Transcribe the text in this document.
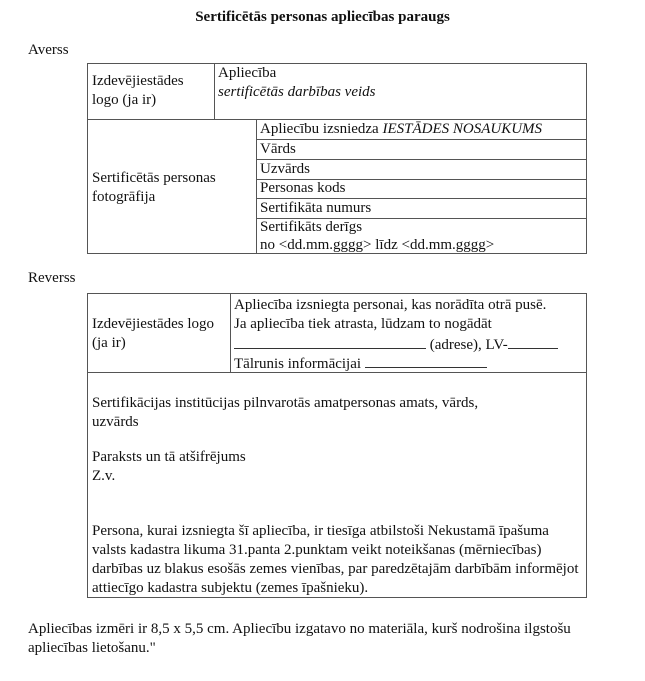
Sertificētās personas apliecības paraugs
Averss
Izdevējiestādes logo (ja ir)
Apliecība
sertificētās darbības veids
Sertificētās personas fotogrāfija
Apliecību izsniedza IESTĀDES NOSAUKUMS
Vārds
Uzvārds
Personas kods
Sertifikāta numurs
Sertifikāts derīgs
no <dd.mm.gggg> līdz <dd.mm.gggg>
Reverss
Izdevējiestādes logo (ja ir)
Apliecība izsniegta personai, kas norādīta otrā pusē.
Ja apliecība tiek atrasta, lūdzam to nogādāt
(adrese), LV-
Tālrunis informācijai
Sertifikācijas institūcijas pilnvarotās amatpersonas amats, vārds, uzvārds
Paraksts un tā atšifrējums
Z.v.
Persona, kurai izsniegta šī apliecība, ir tiesīga atbilstoši Nekustamā īpašuma valsts kadastra likuma 31.panta 2.punktam veikt noteikšanas (mērniecības) darbības uz blakus esošās zemes vienības, par paredzētajām darbībām informējot attiecīgo kadastra subjektu (zemes īpašnieku).
Apliecības izmēri ir 8,5 x 5,5 cm. Apliecību izgatavo no materiāla, kurš nodrošina ilgstošu apliecības lietošanu."
